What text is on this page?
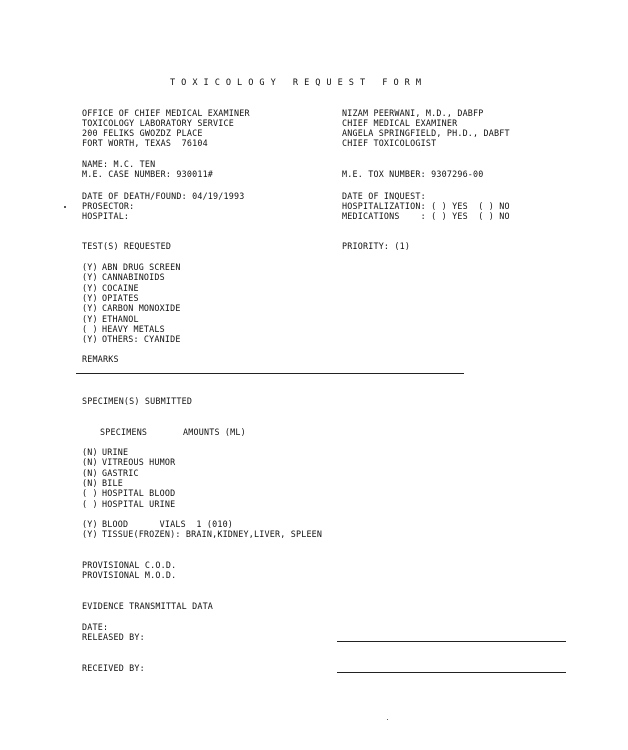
TOXICOLOGY REQUEST FORM
OFFICE OF CHIEF MEDICAL EXAMINER
TOXICOLOGY LABORATORY SERVICE
200 FELIKS GWOZDZ PLACE
FORT WORTH, TEXAS  76104
NIZAM PEERWANI, M.D., DABFP
CHIEF MEDICAL EXAMINER
ANGELA SPRINGFIELD, PH.D., DABFT
CHIEF TOXICOLOGIST
NAME: M.C. TEN
M.E. CASE NUMBER: 930011#	M.E. TOX NUMBER: 9307296-00
DATE OF DEATH/FOUND: 04/19/1993
PROSECTOR:
HOSPITAL:
DATE OF INQUEST:
HOSPITALIZATION: ( ) YES  ( ) NO
MEDICATIONS    : ( ) YES  ( ) NO
TEST(S) REQUESTED	PRIORITY: (1)
(Y) ABN DRUG SCREEN
(Y) CANNABINOIDS
(Y) COCAINE
(Y) OPIATES
(Y) CARBON MONOXIDE
(Y) ETHANOL
( ) HEAVY METALS
(Y) OTHERS: CYANIDE
REMARKS
SPECIMEN(S) SUBMITTED
SPECIMENS	AMOUNTS (ML)
(N) URINE
(N) VITREOUS HUMOR
(N) GASTRIC
(N) BILE
( ) HOSPITAL BLOOD
( ) HOSPITAL URINE
(Y) BLOOD      VIALS  1 (010)
(Y) TISSUE(FROZEN): BRAIN,KIDNEY,LIVER, SPLEEN
PROVISIONAL C.O.D.
PROVISIONAL M.O.D.
EVIDENCE TRANSMITTAL DATA
DATE:
RELEASED BY:
RECEIVED BY:
